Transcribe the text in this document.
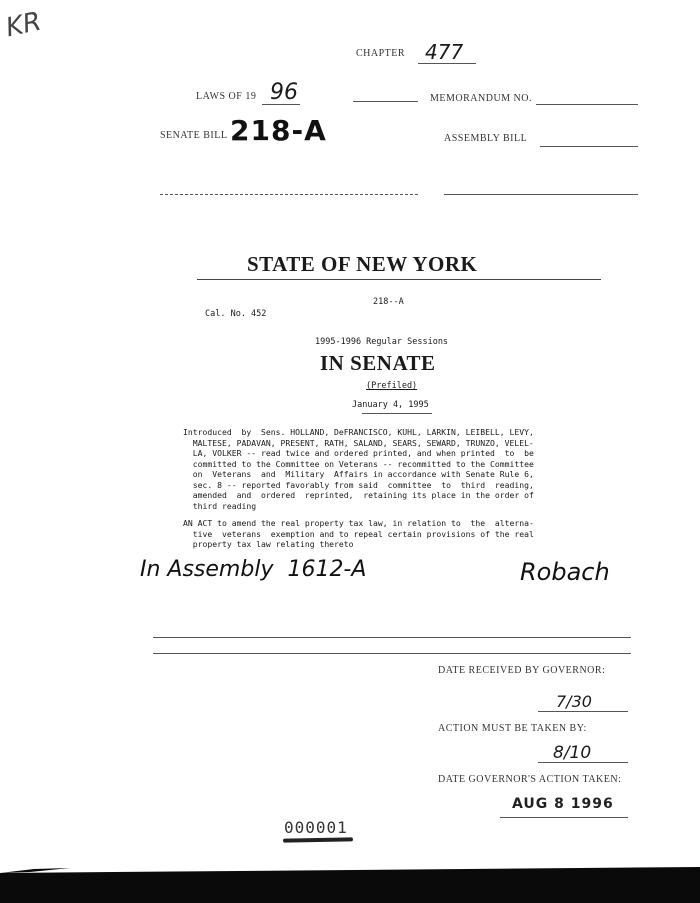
KR
CHAPTER 477
LAWS OF 19 96	MEMORANDUM NO.
SENATE BILL 218-A	ASSEMBLY BILL
STATE OF NEW YORK
218--A
Cal. No. 452
1995-1996 Regular Sessions
IN SENATE
(Prefiled)
January 4, 1995
Introduced  by  Sens. HOLLAND, DeFRANCISCO, KUHL, LARKIN, LEIBELL, LEVY,
MALTESE, PADAVAN, PRESENT, RATH, SALAND, SEARS, SEWARD, TRUNZO, VELEL-
LA, VOLKER -- read twice and ordered printed, and when printed  to  be
committed to the Committee on Veterans -- recommitted to the Committee
on  Veterans  and  Military  Affairs in accordance with Senate Rule 6,
sec. 8 -- reported favorably from said  committee  to  third  reading,
amended  and  ordered  reprinted,  retaining its place in the order of
third reading
AN ACT to amend the real property tax law, in relation to  the  alterna-
tive  veterans  exemption and to repeal certain provisions of the real
property tax law relating thereto
In Assembly  1612-A	Robach
DATE RECEIVED BY GOVERNOR:
7/30
ACTION MUST BE TAKEN BY:
8/10
DATE GOVERNOR'S ACTION TAKEN:
AUG 8 1996
000001
